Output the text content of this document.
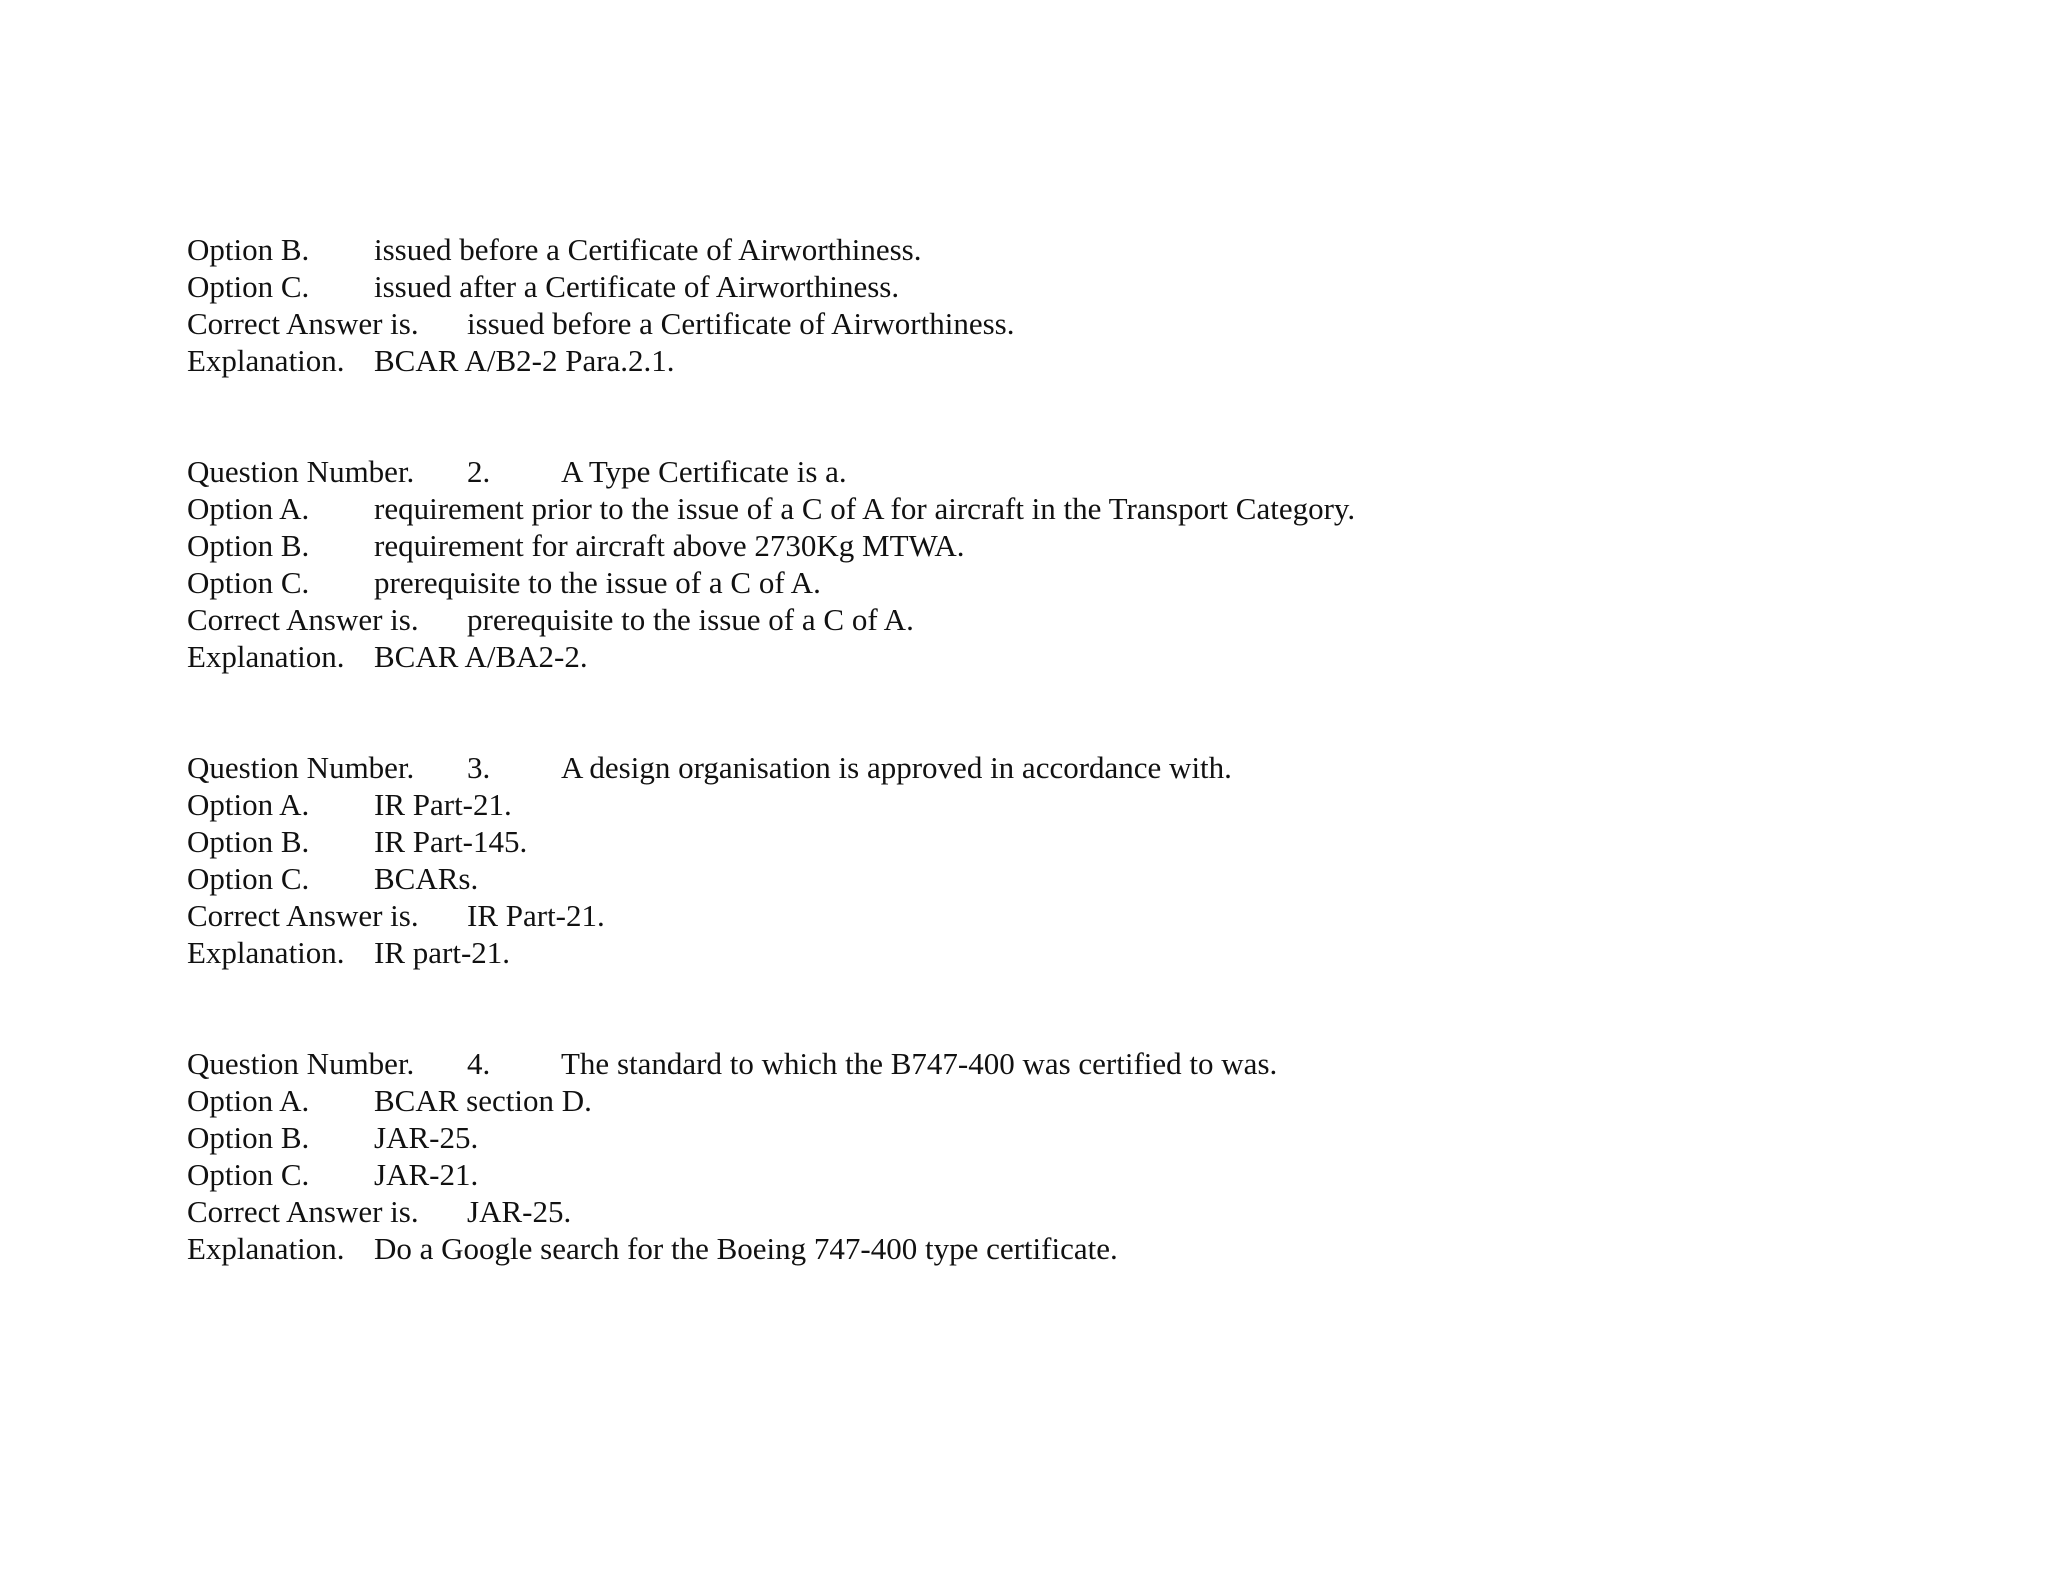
Option B. issued before a Certificate of Airworthiness.
Option C. issued after a Certificate of Airworthiness.
Correct Answer is. issued before a Certificate of Airworthiness.
Explanation. BCAR A/B2-2 Para.2.1.
Question Number. 2. A Type Certificate is a.
Option A. requirement prior to the issue of a C of A for aircraft in the Transport Category.
Option B. requirement for aircraft above 2730Kg MTWA.
Option C. prerequisite to the issue of a C of A.
Correct Answer is. prerequisite to the issue of a C of A.
Explanation. BCAR A/BA2-2.
Question Number. 3. A design organisation is approved in accordance with.
Option A. IR Part-21.
Option B. IR Part-145.
Option C. BCARs.
Correct Answer is. IR Part-21.
Explanation. IR part-21.
Question Number. 4. The standard to which the B747-400 was certified to was.
Option A. BCAR section D.
Option B. JAR-25.
Option C. JAR-21.
Correct Answer is. JAR-25.
Explanation. Do a Google search for the Boeing 747-400 type certificate.
